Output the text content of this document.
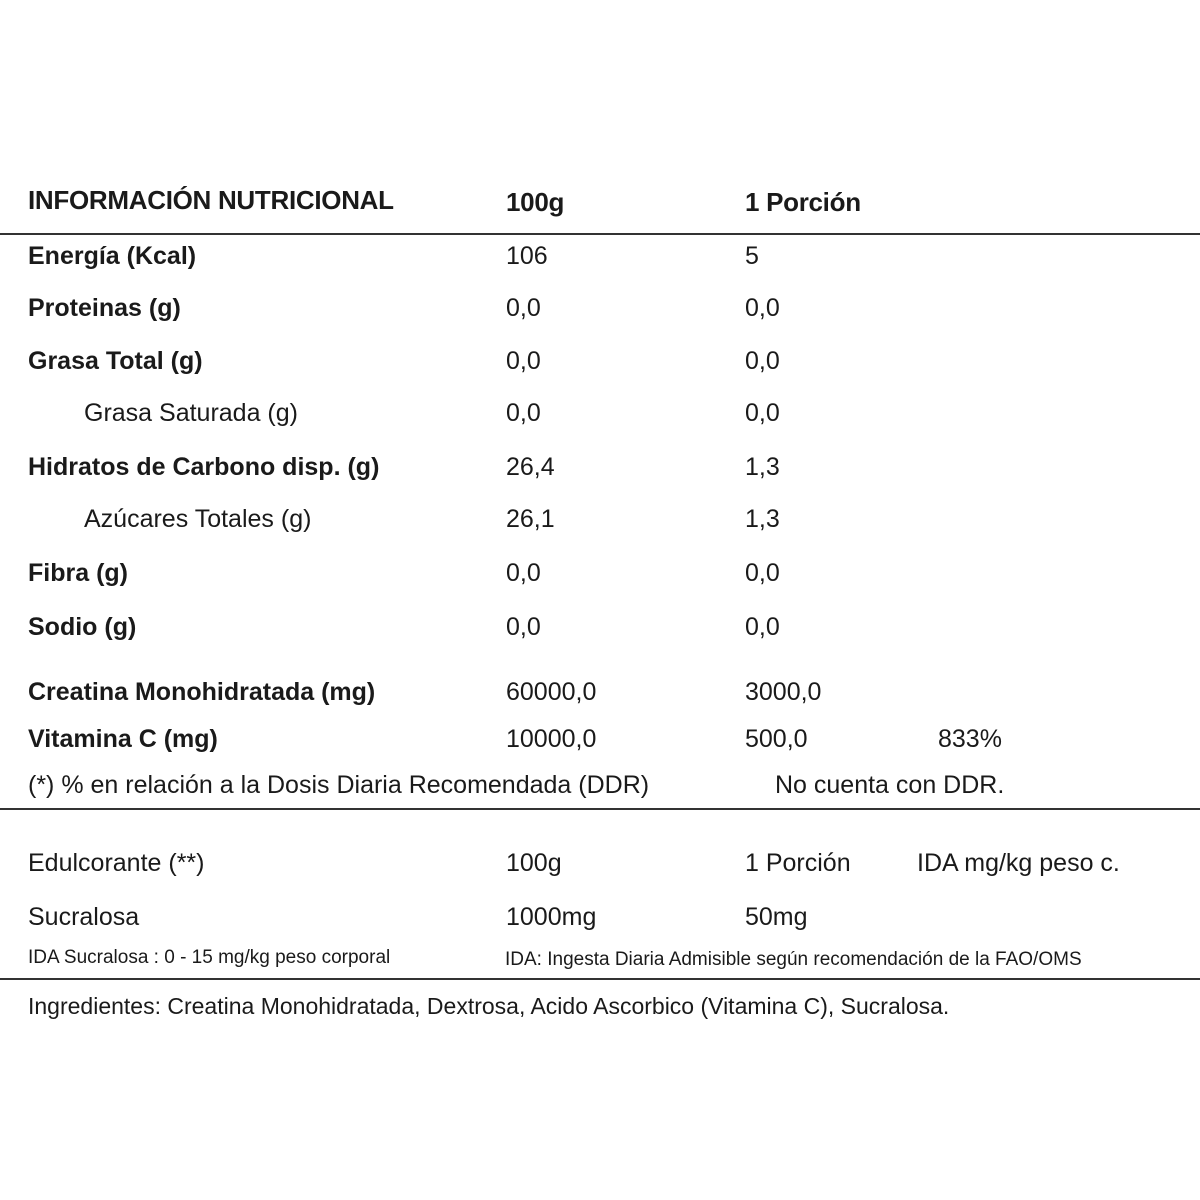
INFORMACIÓN NUTRICIONAL	100g	1 Porción
Energía (Kcal)	106	5
Proteinas (g)	0,0	0,0
Grasa Total (g)	0,0	0,0
Grasa Saturada (g)	0,0	0,0
Hidratos de Carbono disp. (g)	26,4	1,3
Azúcares Totales (g)	26,1	1,3
Fibra (g)	0,0	0,0
Sodio (g)	0,0	0,0
Creatina Monohidratada (mg)	60000,0	3000,0
Vitamina C (mg)	10000,0	500,0	833%
(*) % en relación a la Dosis Diaria Recomendada (DDR)	No cuenta con DDR.
Edulcorante (**)	100g	1 Porción	IDA mg/kg peso c.
Sucralosa	1000mg	50mg
IDA Sucralosa : 0 - 15 mg/kg peso corporal	IDA: Ingesta Diaria Admisible según recomendación de la FAO/OMS
Ingredientes: Creatina Monohidratada, Dextrosa, Acido Ascorbico (Vitamina C), Sucralosa.
